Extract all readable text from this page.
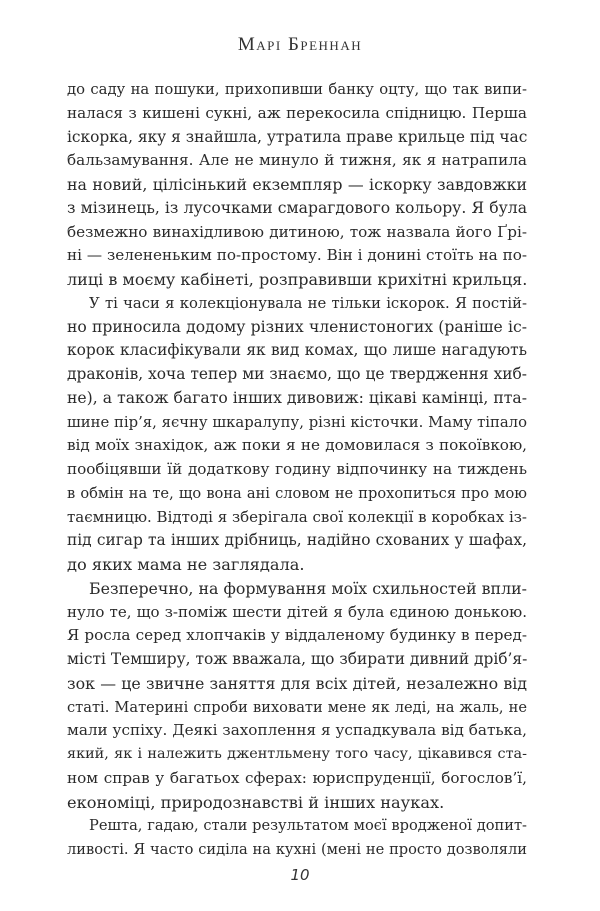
Марі Бреннан
до саду на пошуки, прихопивши банку оцту, що так випи-
налася з кишені сукні, аж перекосила спідницю. Перша
іскорка, яку я знайшла, утратила праве крильце під час
бальзамування. Але не минуло й тижня, як я натрапила
на новий, цілісінький екземпляр — іскорку завдовжки
з мізинець, із лусочками смарагдового кольору. Я була
безмежно винахідливою дитиною, тож назвала його Ґрі-
ні — зелененьким по-простому. Він і донині стоїть на по-
лиці в моєму кабінеті, розправивши крихітні крильця.
У ті часи я колекціонувала не тільки іскорок. Я постій-
но приносила додому різних членистоногих (раніше іс-
корок класифікували як вид комах, що лише нагадують
драконів, хоча тепер ми знаємо, що це твердження хиб-
не), а також багато інших дивовиж: цікаві камінці, пта-
шине пір’я, яєчну шкаралупу, різні кісточки. Маму тіпало
від моїх знахідок, аж поки я не домовилася з покоївкою,
пообіцявши їй додаткову годину відпочинку на тиждень
в обмін на те, що вона ані словом не прохопиться про мою
таємницю. Відтоді я зберігала свої колекції в коробках із-
під сигар та інших дрібниць, надійно схованих у шафах,
до яких мама не заглядала.
Безперечно, на формування моїх схильностей впли-
нуло те, що з-поміж шести дітей я була єдиною донькою.
Я росла серед хлопчаків у віддаленому будинку в перед-
місті Темширу, тож вважала, що збирати дивний дріб’я-
зок — це звичне заняття для всіх дітей, незалежно від
статі. Материні спроби виховати мене як леді, на жаль, не
мали успіху. Деякі захоплення я успадкувала від батька,
який, як і належить джентльмену того часу, цікавився ста-
ном справ у багатьох сферах: юриспруденції, богослов’ї,
економіці, природознавстві й інших науках.
Решта, гадаю, стали результатом моєї вродженої допит-
ливості. Я часто сиділа на кухні (мені не просто дозволяли
10
